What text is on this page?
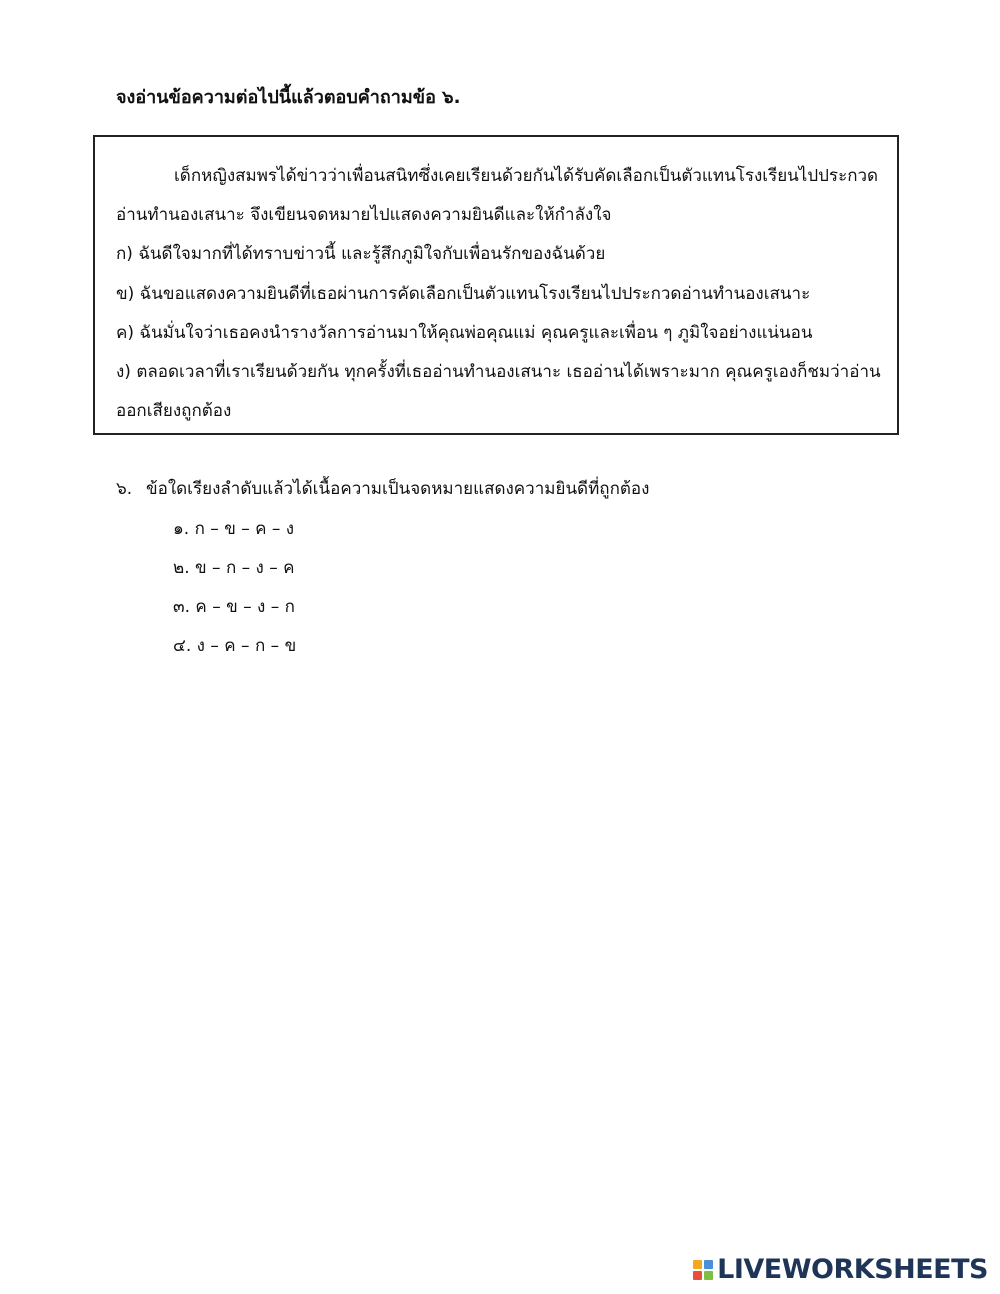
จงอ่านข้อความต่อไปนี้แล้วตอบคำถามข้อ ๖.
เด็กหญิงสมพรได้ข่าวว่าเพื่อนสนิทซึ่งเคยเรียนด้วยกันได้รับคัดเลือกเป็นตัวแทนโรงเรียนไปประกวด
อ่านทำนองเสนาะ จึงเขียนจดหมายไปแสดงความยินดีและให้กำลังใจ
ก) ฉันดีใจมากที่ได้ทราบข่าวนี้ และรู้สึกภูมิใจกับเพื่อนรักของฉันด้วย
ข) ฉันขอแสดงความยินดีที่เธอผ่านการคัดเลือกเป็นตัวแทนโรงเรียนไปประกวดอ่านทำนองเสนาะ
ค) ฉันมั่นใจว่าเธอคงนำรางวัลการอ่านมาให้คุณพ่อคุณแม่ คุณครูและเพื่อน ๆ ภูมิใจอย่างแน่นอน
ง) ตลอดเวลาที่เราเรียนด้วยกัน ทุกครั้งที่เธออ่านทำนองเสนาะ เธออ่านได้เพราะมาก คุณครูเองก็ชมว่าอ่าน
ออกเสียงถูกต้อง
๖. ข้อใดเรียงลำดับแล้วได้เนื้อความเป็นจดหมายแสดงความยินดีที่ถูกต้อง
๑. ก – ข – ค – ง
๒. ข – ก – ง – ค
๓. ค – ข – ง – ก
๔. ง – ค – ก – ข
LIVEWORKSHEETS
